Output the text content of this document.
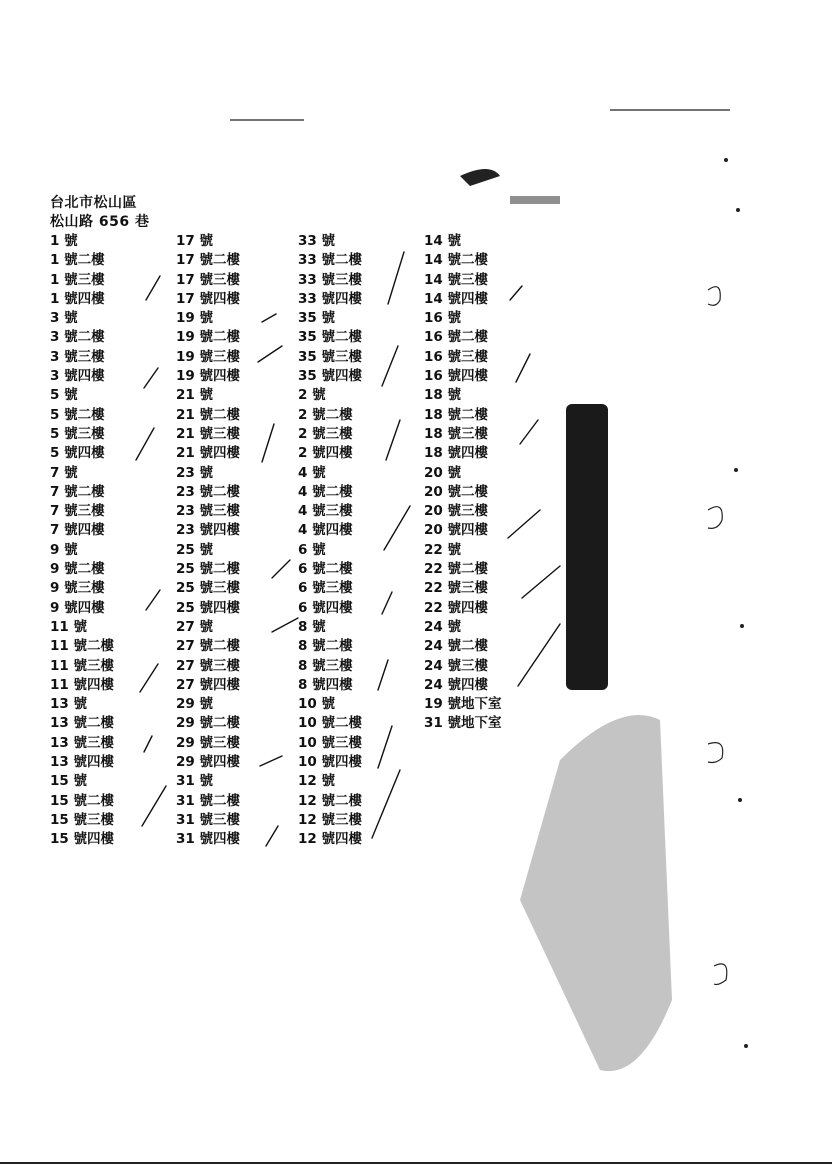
台北市松山區
松山路 656 巷
1 號
1 號二樓
1 號三樓
1 號四樓
3 號
3 號二樓
3 號三樓
3 號四樓
5 號
5 號二樓
5 號三樓
5 號四樓
7 號
7 號二樓
7 號三樓
7 號四樓
9 號
9 號二樓
9 號三樓
9 號四樓
11 號
11 號二樓
11 號三樓
11 號四樓
13 號
13 號二樓
13 號三樓
13 號四樓
15 號
15 號二樓
15 號三樓
15 號四樓
17 號
17 號二樓
17 號三樓
17 號四樓
19 號
19 號二樓
19 號三樓
19 號四樓
21 號
21 號二樓
21 號三樓
21 號四樓
23 號
23 號二樓
23 號三樓
23 號四樓
25 號
25 號二樓
25 號三樓
25 號四樓
27 號
27 號二樓
27 號三樓
27 號四樓
29 號
29 號二樓
29 號三樓
29 號四樓
31 號
31 號二樓
31 號三樓
31 號四樓
33 號
33 號二樓
33 號三樓
33 號四樓
35 號
35 號二樓
35 號三樓
35 號四樓
2 號
2 號二樓
2 號三樓
2 號四樓
4 號
4 號二樓
4 號三樓
4 號四樓
6 號
6 號二樓
6 號三樓
6 號四樓
8 號
8 號二樓
8 號三樓
8 號四樓
10 號
10 號二樓
10 號三樓
10 號四樓
12 號
12 號二樓
12 號三樓
12 號四樓
14 號
14 號二樓
14 號三樓
14 號四樓
16 號
16 號二樓
16 號三樓
16 號四樓
18 號
18 號二樓
18 號三樓
18 號四樓
20 號
20 號二樓
20 號三樓
20 號四樓
22 號
22 號二樓
22 號三樓
22 號四樓
24 號
24 號二樓
24 號三樓
24 號四樓
19 號地下室
31 號地下室
